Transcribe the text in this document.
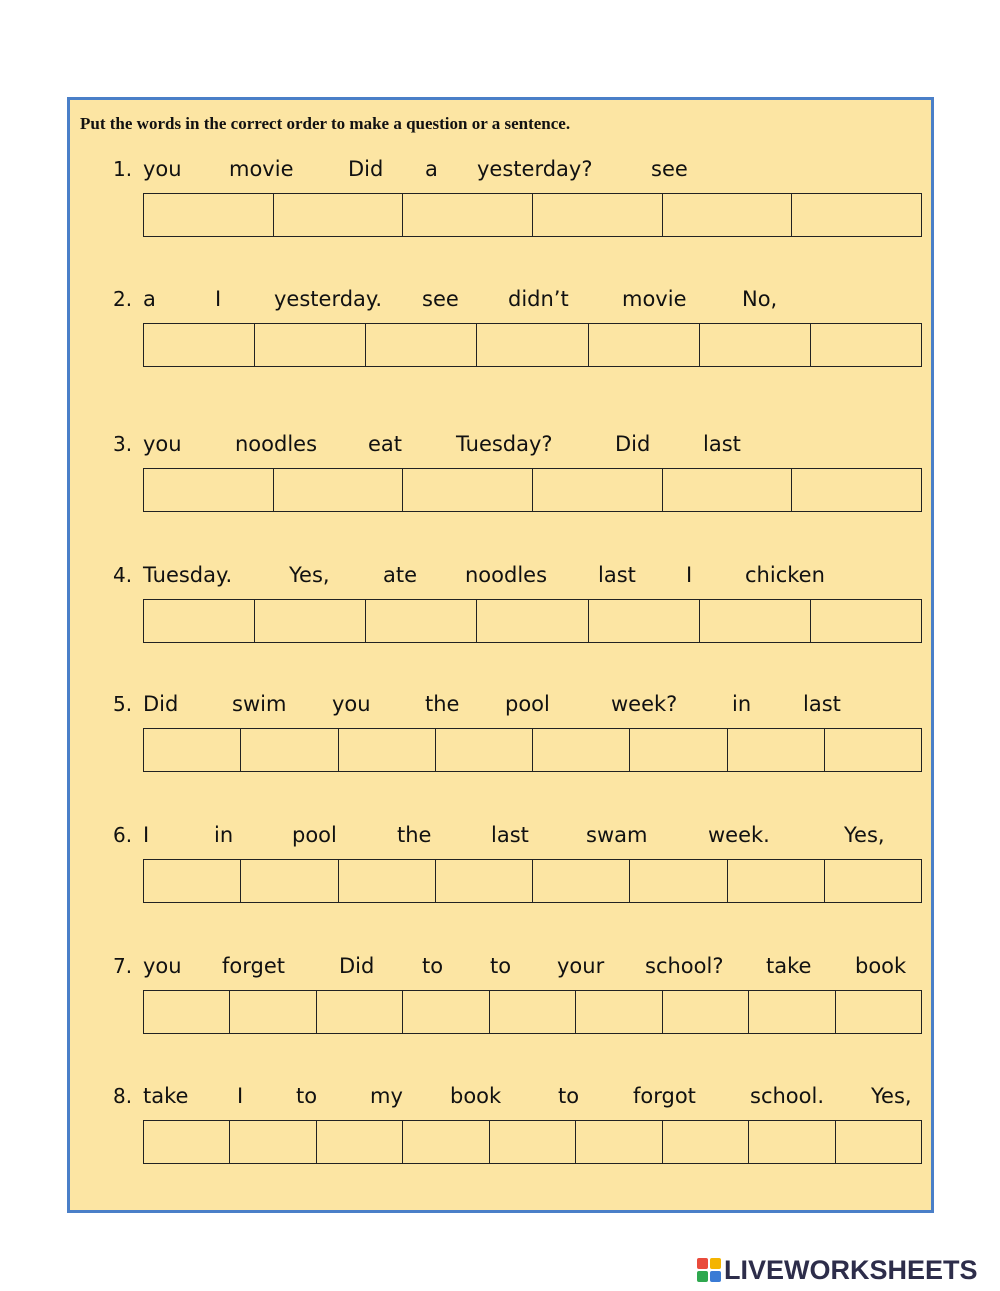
Put the words in the correct order to make a question or a sentence.
1. you movie	Did a yesterday?	see
2. a	I	yesterday. see didn’t	movie	No,
3. you	noodles eat	Tuesday?	Did	last
4. Tuesday.	Yes,	ate noodles last I	chicken
5. Did	swim you	the pool	week?	in last
6. I	in	pool	the	last	swam	week.	Yes,
7. you forget	Did to to your school? take book
8. take I	to	my book	to	forgot	school. Yes,
LIVEWORKSHEETS
